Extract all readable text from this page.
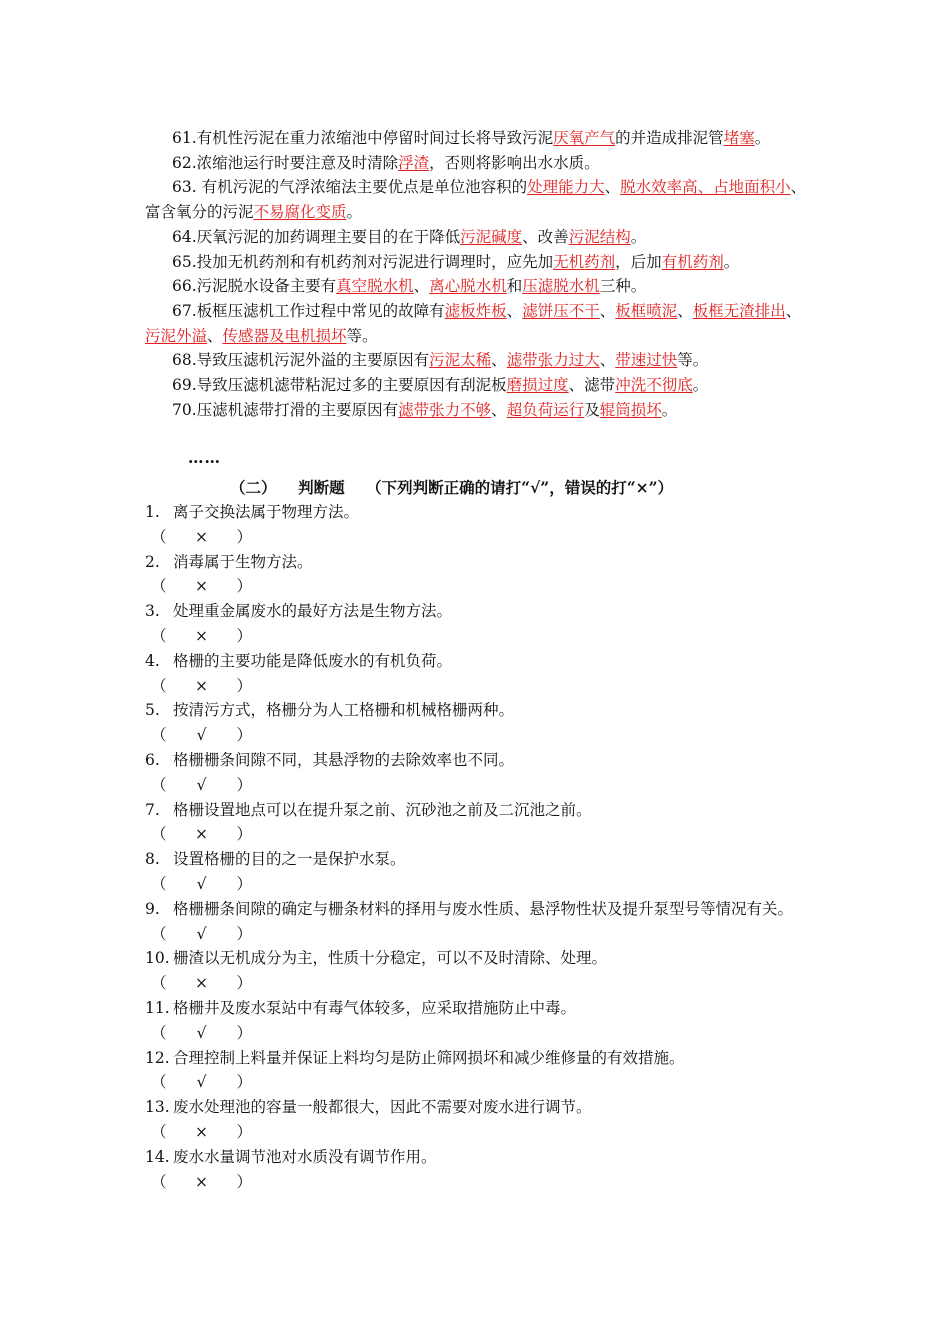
61.有机性污泥在重力浓缩池中停留时间过长将导致污泥厌氧产气的并造成排泥管堵塞。
62.浓缩池运行时要注意及时清除浮渣，否则将影响出水水质。
63. 有机污泥的气浮浓缩法主要优点是单位池容积的处理能力大、脱水效率高、占地面积小、富含氧分的污泥不易腐化变质。
64.厌氧污泥的加药调理主要目的在于降低污泥碱度、改善污泥结构。
65.投加无机药剂和有机药剂对污泥进行调理时，应先加无机药剂，后加有机药剂。
66.污泥脱水设备主要有真空脱水机、离心脱水机和压滤脱水机三种。
67.板框压滤机工作过程中常见的故障有滤板炸板、滤饼压不干、板框喷泥、板框无渣排出、污泥外溢、传感器及电机损坏等。
68.导致压滤机污泥外溢的主要原因有污泥太稀、滤带张力过大、带速过快等。
69.导致压滤机滤带粘泥过多的主要原因有刮泥板磨损过度、滤带冲洗不彻底。
70.压滤机滤带打滑的主要原因有滤带张力不够、超负荷运行及辊筒损坏。
……
（二）    判断题    （下列判断正确的请打“√”，错误的打“×”）
1. 离子交换法属于物理方法。
（ × ）
2. 消毒属于生物方法。
（ × ）
3. 处理重金属废水的最好方法是生物方法。
（ × ）
4. 格栅的主要功能是降低废水的有机负荷。
（ × ）
5. 按清污方式，格栅分为人工格栅和机械格栅两种。
（ √ ）
6. 格栅栅条间隙不同，其悬浮物的去除效率也不同。
（ √ ）
7. 格栅设置地点可以在提升泵之前、沉砂池之前及二沉池之前。
（ × ）
8. 设置格栅的目的之一是保护水泵。
（ √ ）
9. 格栅栅条间隙的确定与栅条材料的择用与废水性质、悬浮物性状及提升泵型号等情况有关。
（ √ ）
10. 栅渣以无机成分为主，性质十分稳定，可以不及时清除、处理。
（ × ）
11. 格栅井及废水泵站中有毒气体较多，应采取措施防止中毒。
（ √ ）
12. 合理控制上料量并保证上料均匀是防止筛网损坏和减少维修量的有效措施。
（ √ ）
13. 废水处理池的容量一般都很大，因此不需要对废水进行调节。
（ × ）
14. 废水水量调节池对水质没有调节作用。
（ × ）
